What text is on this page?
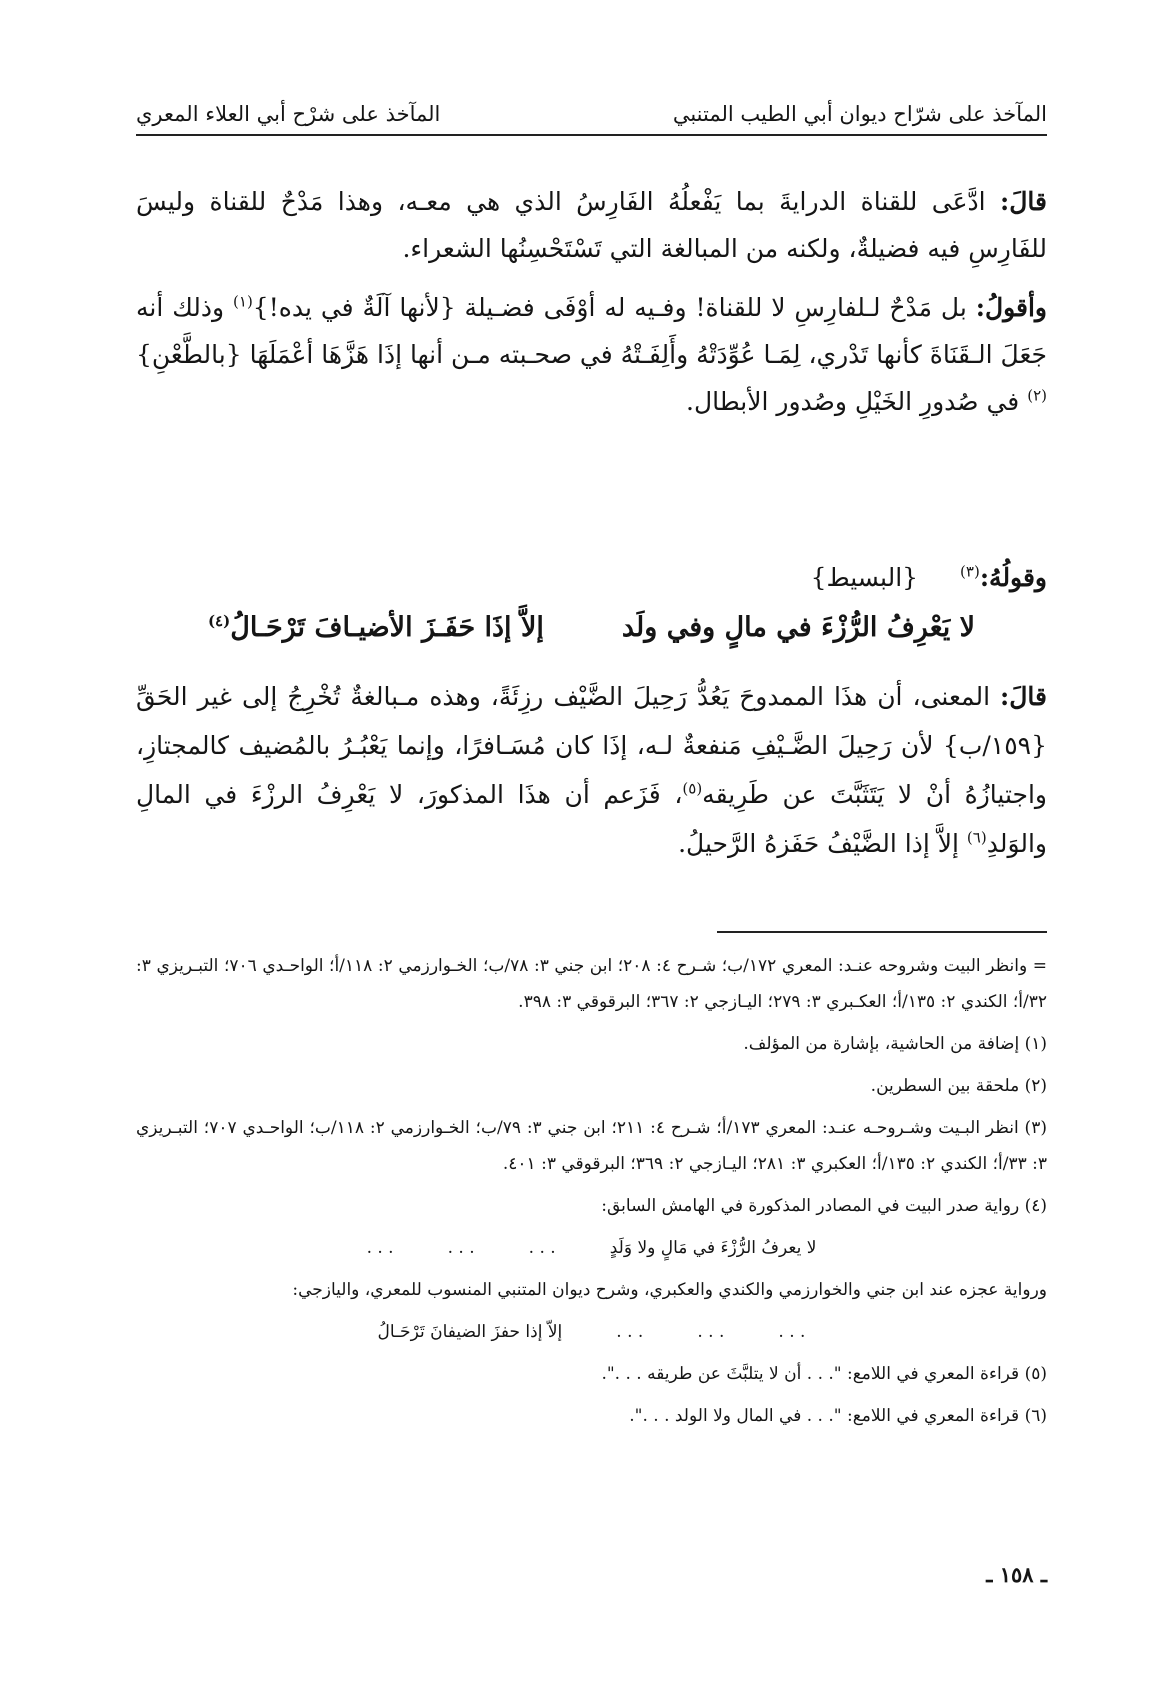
المآخذ على شرّاح ديوان أبي الطيب المتنبي
المآخذ على شرْح أبي العلاء المعري

قالَ: ادَّعَى للقناة الدرايةَ بما يَفْعلُهُ الفَارِسُ الذي هي معـه، وهذا مَدْحٌ للقناة وليسَ للفَارِسِ فيه فضيلةٌ، ولكنه من المبالغة التي تَسْتَحْسِنُها الشعراء.

وأقولُ: بل مَدْحٌ لـلفارِسِ لا للقناة! وفـيه له أوْفَى فضـيلة {لأنها آلَةٌ في يده!}$^{(١)}$ وذلك أنه جَعَلَ الـقَنَاةَ كأنها تَدْري، لِمَـا عُوِّدَتْهُ وأَلِفَـتْهُ في صحـبته مـن أنها إذَا هَزَّهَا أعْمَلَهَا {بالطَّعْنِ}$^{(٢)}$ في صُدورِ الخَيْلِ وصُدور الأبطال.

وقولُهُ:$^{(٣)}$ {البسيط}
لا يَعْرِفُ الرُّزْءَ في مالٍ وفي ولَد
إلاَّ إذَا حَفَـزَ الأضيـافَ تَرْحَـالُ$^{(٤)}$

قالَ: المعنى، أن هذَا الممدوحَ يَعُدُّ رَحِيلَ الضَّيْف رزِئَةً، وهذه مـبالغةٌ تُخْرِجُ إلى غير الحَقِّ {١٥٩/ب} لأن رَحِيلَ الضَّـيْفِ مَنفعةٌ لـه، إذَا كان مُسَـافرًا، وإنما يَعْبُـرُ بالمُضيف كالمجتازِ، واجتيازُهُ أنْ لا يَتَثَبَّتَ عن طَرِيقه$^{(٥)}$، فَزَعم أن هذَا المذكورَ، لا يَعْرِفُ الرزْءَ في المالِ والوَلدِ$^{(٦)}$ إلاَّ إذا الضَّيْفُ حَفَزهُ الرَّحيلُ.

= وانظر البيت وشروحه عنـد: المعري ١٧٢/ب؛ شـرح ٤: ٢٠٨؛ ابن جني ٣: ٧٨/ب؛ الخـوارزمي ٢: ١١٨/أ؛ الواحـدي ٧٠٦؛ التبـريزي ٣: ٣٢/أ؛ الكندي ٢: ١٣٥/أ؛ العكـبري ٣: ٢٧٩؛ اليـازجي ٢: ٣٦٧؛ البرقوقي ٣: ٣٩٨.

(١) إضافة من الحاشية، بإشارة من المؤلف.

(٢) ملحقة بين السطرين.

(٣) انظر البـيت وشـروحـه عنـد: المعري ١٧٣/أ؛ شـرح ٤: ٢١١؛ ابن جني ٣: ٧٩/ب؛ الخـوارزمي ٢: ١١٨/ب؛ الواحـدي ٧٠٧؛ التبـريزي ٣: ٣٣/أ؛ الكندي ٢: ١٣٥/أ؛ العكبري ٣: ٢٨١؛ اليـازجي ٢: ٣٦٩؛ البرقوقي ٣: ٤٠١.

(٤) رواية صدر البيت في المصادر المذكورة في الهامش السابق:

لا يعرفُ الرُّزْءَ في مَالٍ ولا وَلَدٍ          . . .          . . .          . . .

ورواية عجزه عند ابن جني والخوارزمي والكندي والعكبري، وشرح ديوان المتنبي المنسوب للمعري، واليازجي:

. . .          . . .          . . .          إلاّ إذا حفزَ الضيفانَ تَرْحَـالُ

(٥) قراءة المعري في اللامع: ". . . أن لا يتلبَّثَ عن طريقه . . .".

(٦) قراءة المعري في اللامع: ". . . في المال ولا الولد . . .".

ـ ١٥٨ ـ
